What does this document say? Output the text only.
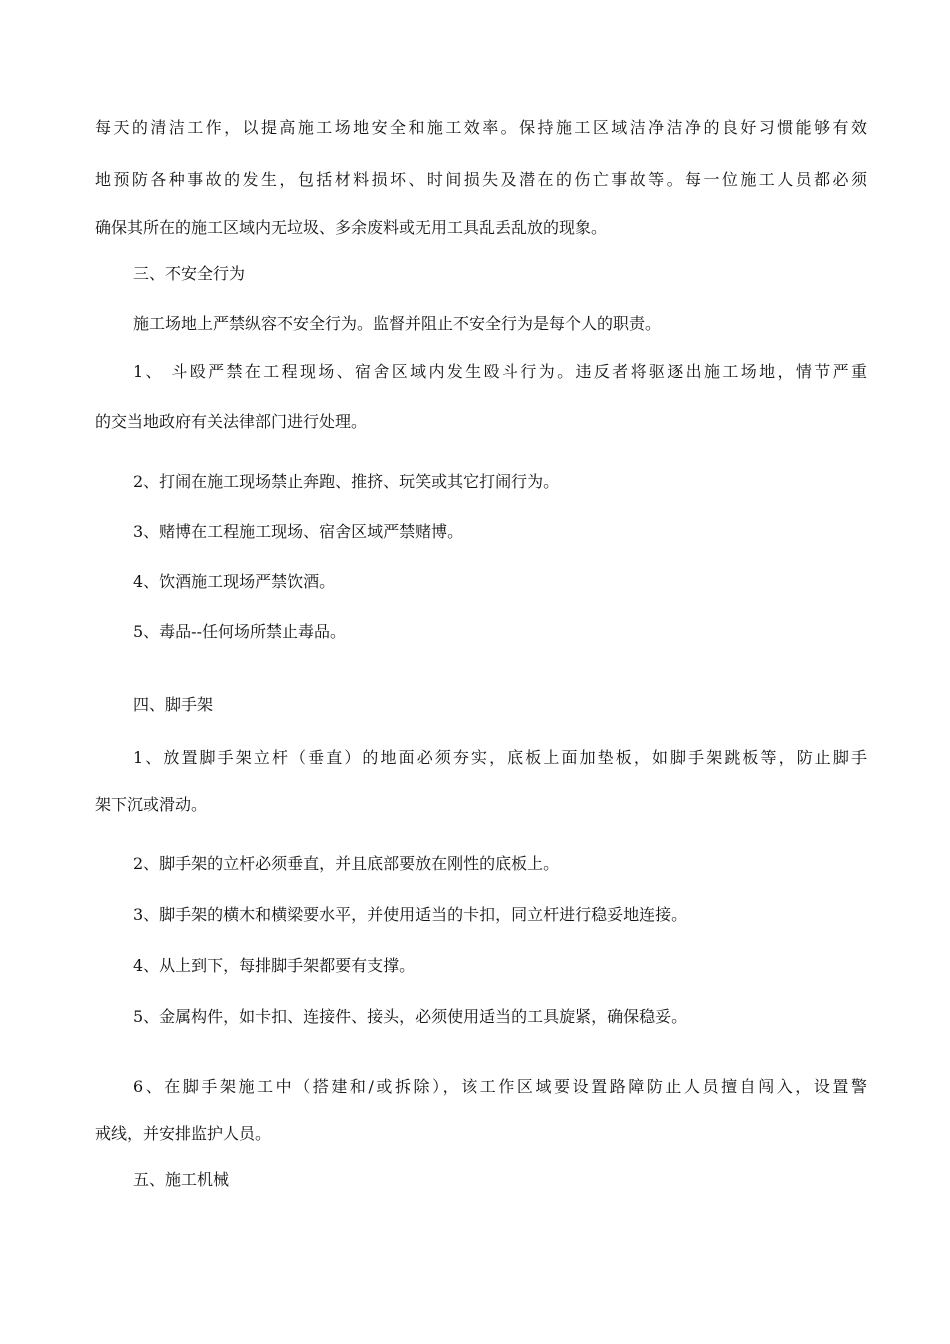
每天的清洁工作，以提高施工场地安全和施工效率。保持施工区域洁净洁净的良好习惯能够有效
地预防各种事故的发生，包括材料损坏、时间损失及潜在的伤亡事故等。每一位施工人员都必须
确保其所在的施工区域内无垃圾、多余废料或无用工具乱丢乱放的现象。
三、不安全行为
施工场地上严禁纵容不安全行为。监督并阻止不安全行为是每个人的职责。
1、 斗殴严禁在工程现场、宿舍区域内发生殴斗行为。违反者将驱逐出施工场地，情节严重
的交当地政府有关法律部门进行处理。
2、打闹在施工现场禁止奔跑、推挤、玩笑或其它打闹行为。
3、赌博在工程施工现场、宿舍区域严禁赌博。
4、饮酒施工现场严禁饮酒。
5、毒品--任何场所禁止毒品。
四、脚手架
1、放置脚手架立杆（垂直）的地面必须夯实，底板上面加垫板，如脚手架跳板等，防止脚手
架下沉或滑动。
2、脚手架的立杆必须垂直，并且底部要放在刚性的底板上。
3、脚手架的横木和横梁要水平，并使用适当的卡扣，同立杆进行稳妥地连接。
4、从上到下，每排脚手架都要有支撑。
5、金属构件，如卡扣、连接件、接头，必须使用适当的工具旋紧，确保稳妥。
6、在脚手架施工中（搭建和/或拆除），该工作区域要设置路障防止人员擅自闯入，设置警
戒线，并安排监护人员。
五、施工机械
